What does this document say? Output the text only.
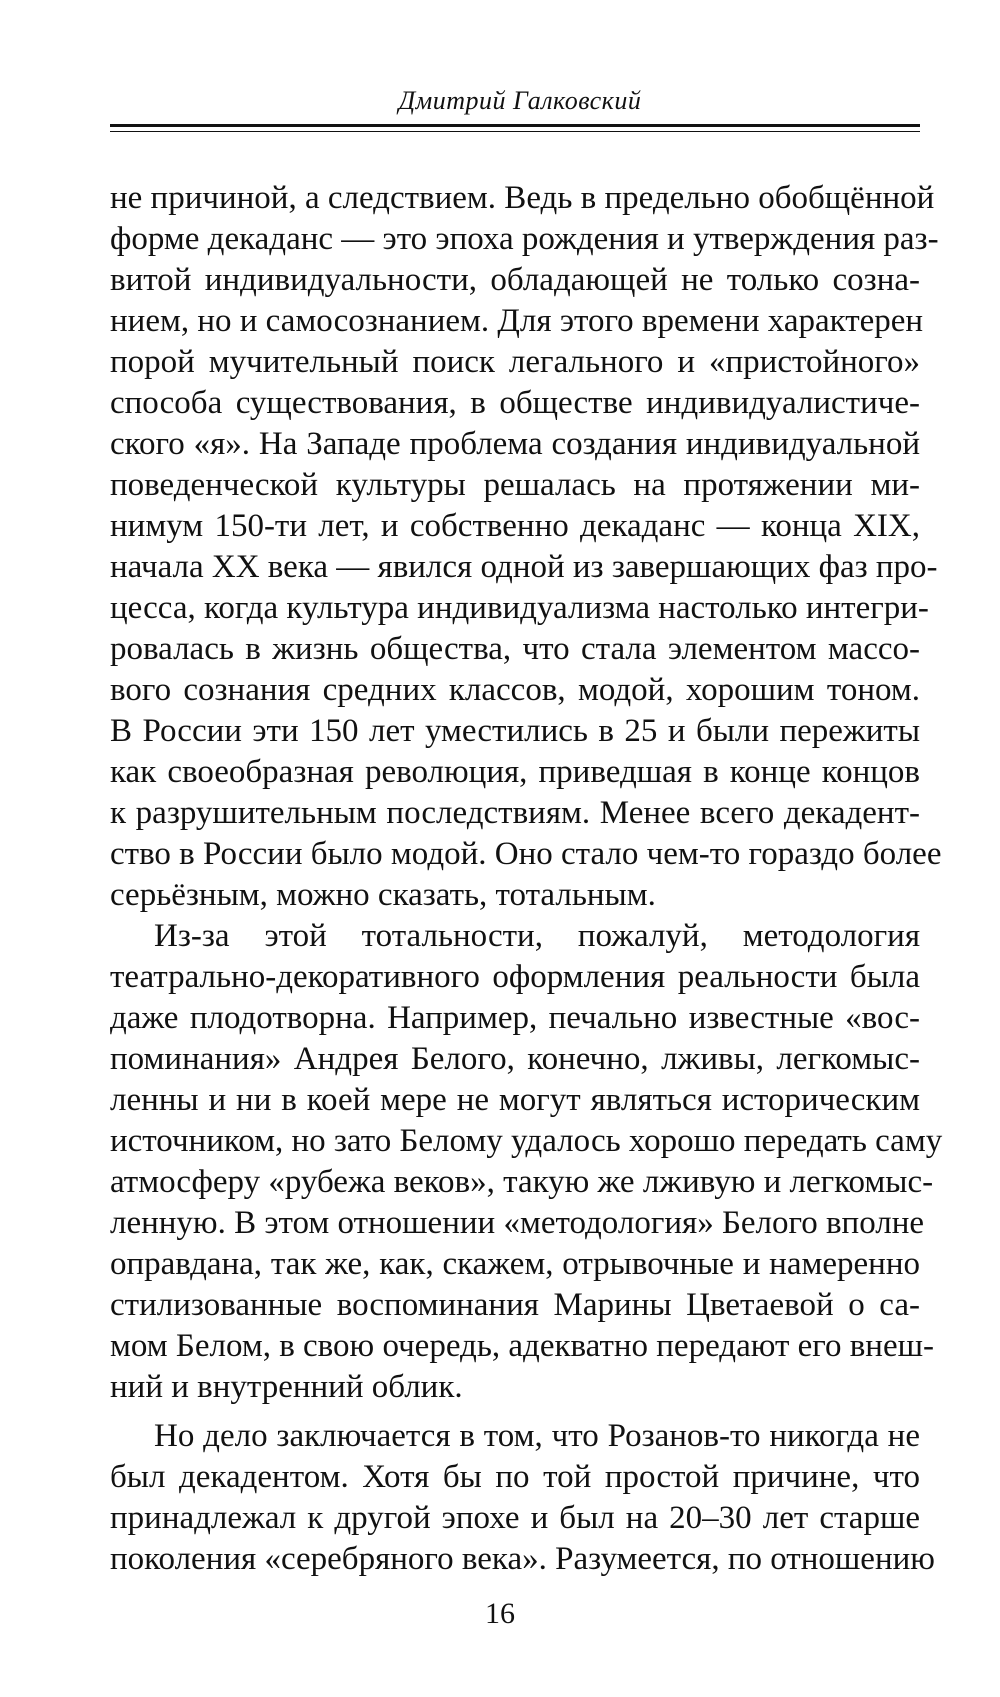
Дмитрий Галковский
не причиной, а следствием. Ведь в предельно обобщённой
форме декаданс — это эпоха рождения и утверждения раз-
витой индивидуальности, обладающей не только созна-
нием, но и самосознанием. Для этого времени характерен
порой мучительный поиск легального и «пристойного»
способа существования, в обществе индивидуалистиче-
ского «я». На Западе проблема создания индивидуальной
поведенческой культуры решалась на протяжении ми-
нимум 150-ти лет, и собственно декаданс — конца XIX,
начала XX века — явился одной из завершающих фаз про-
цесса, когда культура индивидуализма настолько интегри-
ровалась в жизнь общества, что стала элементом массо-
вого сознания средних классов, модой, хорошим тоном.
В России эти 150 лет уместились в 25 и были пережиты
как своеобразная революция, приведшая в конце концов
к разрушительным последствиям. Менее всего декадент-
ство в России было модой. Оно стало чем-то гораздо более
серьёзным, можно сказать, тотальным.
Из-за этой тотальности, пожалуй, методология
театрально-декоративного оформления реальности была
даже плодотворна. Например, печально известные «вос-
поминания» Андрея Белого, конечно, лживы, легкомыс-
ленны и ни в коей мере не могут являться историческим
источником, но зато Белому удалось хорошо передать саму
атмосферу «рубежа веков», такую же лживую и легкомыс-
ленную. В этом отношении «методология» Белого вполне
оправдана, так же, как, скажем, отрывочные и намеренно
стилизованные воспоминания Марины Цветаевой о са-
мом Белом, в свою очередь, адекватно передают его внеш-
ний и внутренний облик.
Но дело заключается в том, что Розанов-то никогда не
был декадентом. Хотя бы по той простой причине, что
принадлежал к другой эпохе и был на 20–30 лет старше
поколения «серебряного века». Разумеется, по отношению
16
